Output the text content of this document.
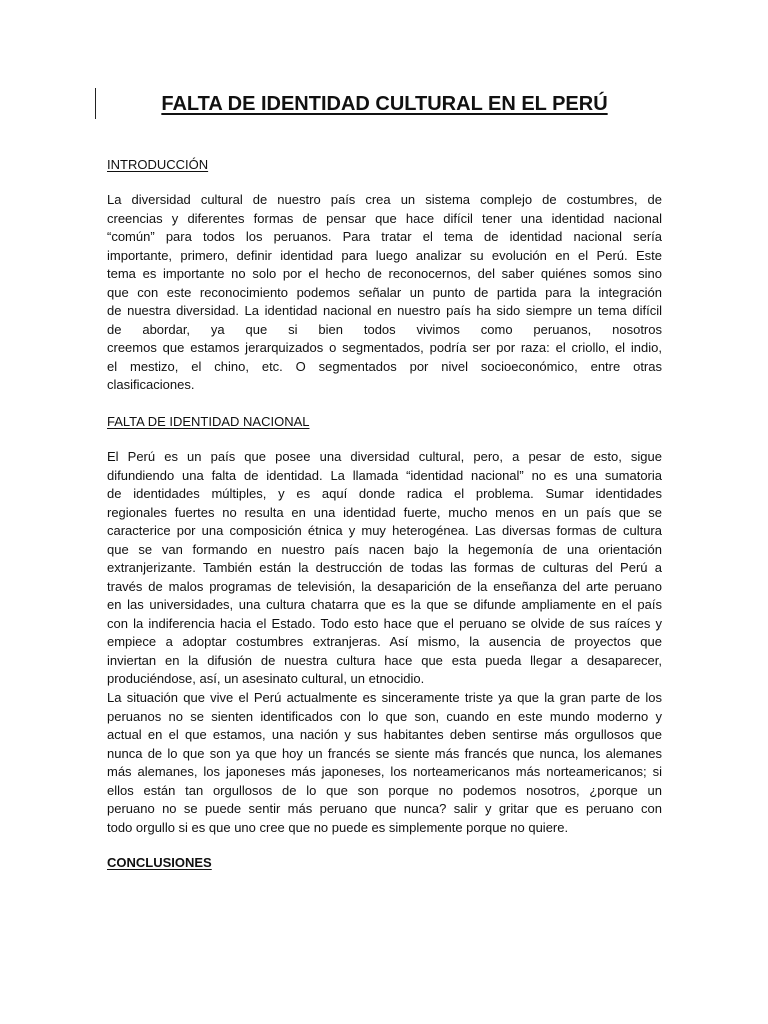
FALTA DE IDENTIDAD CULTURAL EN EL PERÚ
INTRODUCCIÓN
La diversidad cultural de nuestro país crea un sistema complejo de costumbres, de
creencias y diferentes formas de pensar que hace difícil tener una identidad nacional
“común” para todos los peruanos. Para tratar el tema de identidad nacional sería
importante, primero, definir identidad para luego analizar su evolución en el Perú. Este
tema es importante no solo por el hecho de reconocernos, del saber quiénes somos sino
que con este reconocimiento podemos señalar un punto de partida para la integración
de nuestra diversidad. La identidad nacional en nuestro país ha sido siempre un tema difícil
de abordar, ya que si bien todos vivimos como peruanos, nosotros
creemos que estamos jerarquizados o segmentados, podría ser por raza: el criollo, el indio,
el mestizo, el chino, etc. O segmentados por nivel socioeconómico, entre otras
clasificaciones.
FALTA DE IDENTIDAD NACIONAL
El Perú es un país que posee una diversidad cultural, pero, a pesar de esto, sigue
difundiendo una falta de identidad. La llamada “identidad nacional” no es una sumatoria
de identidades múltiples, y es aquí donde radica el problema. Sumar identidades
regionales fuertes no resulta en una identidad fuerte, mucho menos en un país que se
caracterice por una composición étnica y muy heterogénea. Las diversas formas de cultura
que se van formando en nuestro país nacen bajo la hegemonía de una orientación
extranjerizante. También están la destrucción de todas las formas de culturas del Perú a
través de malos programas de televisión, la desaparición de la enseñanza del arte peruano
en las universidades, una cultura chatarra que es la que se difunde ampliamente en el país
con la indiferencia hacia el Estado. Todo esto hace que el peruano se olvide de sus raíces y
empiece a adoptar costumbres extranjeras. Así mismo, la ausencia de proyectos que
inviertan en la difusión de nuestra cultura hace que esta pueda llegar a desaparecer,
produciéndose, así, un asesinato cultural, un etnocidio.
La situación que vive el Perú actualmente es sinceramente triste ya que la gran parte de los
peruanos no se sienten identificados con lo que son, cuando en este mundo moderno y
actual en el que estamos, una nación y sus habitantes deben sentirse más orgullosos que
nunca de lo que son ya que hoy un francés se siente más francés que nunca, los alemanes
más alemanes, los japoneses más japoneses, los norteamericanos más norteamericanos; si
ellos están tan orgullosos de lo que son porque no podemos nosotros, ¿porque un
peruano no se puede sentir más peruano que nunca? salir y gritar que es peruano con
todo orgullo si es que uno cree que no puede es simplemente porque no quiere.
CONCLUSIONES
